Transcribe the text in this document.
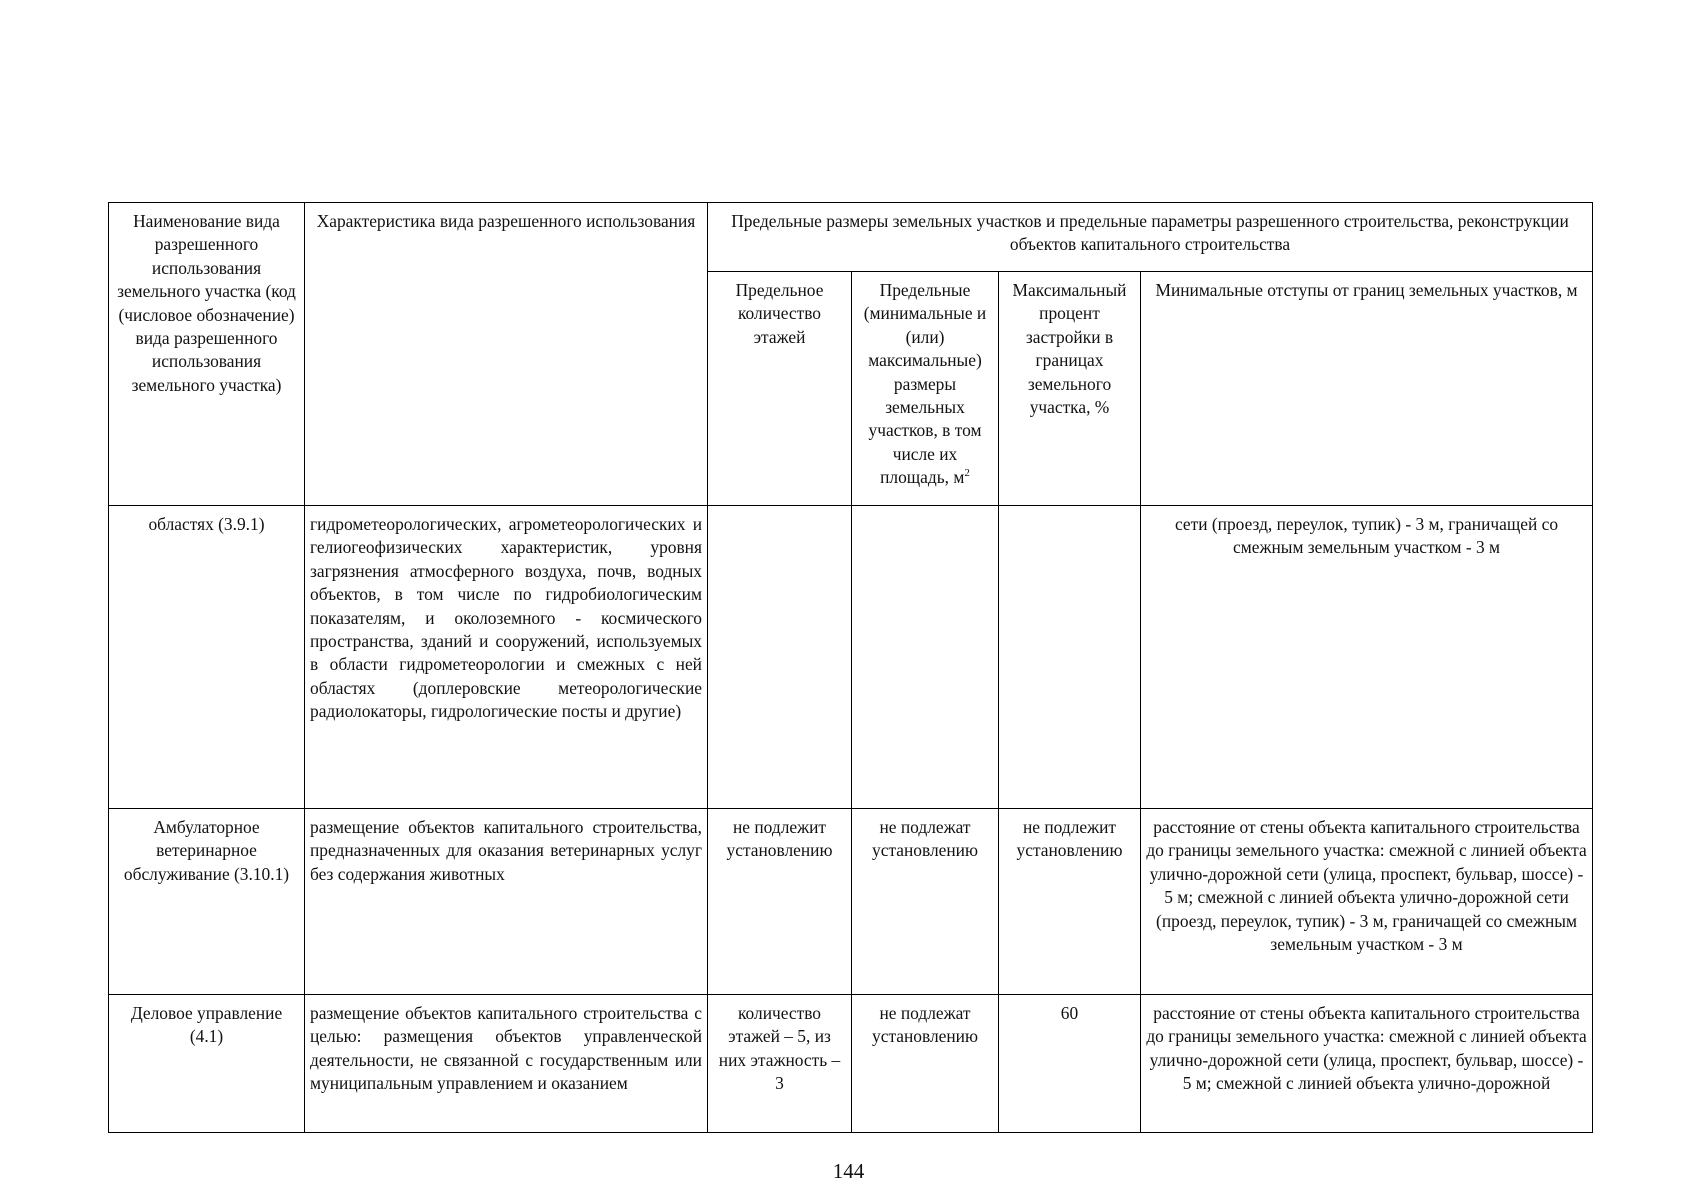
Наименование вида разрешенного использования земельного участка (код (числовое обозначение) вида разрешенного использования земельного участка)	Характеристика вида разрешенного использования	Предельные размеры земельных участков и предельные параметры разрешенного строительства, реконструкции объектов капитального строительства			
		Предельное количество этажей	Предельные (минимальные и (или) максимальные) размеры земельных участков, в том числе их площадь, $м^2$	Максимальный процент застройки в границах земельного участка, %	Минимальные отступы от границ земельных участков, м
областях (3.9.1)	гидрометеорологических, агрометеорологических и гелиогеофизических характеристик, уровня загрязнения атмосферного воздуха, почв, водных объектов, в том числе по гидробиологическим показателям, и околоземного - космического пространства, зданий и сооружений, используемых в области гидрометеорологии и смежных с ней областях (доплеровские метеорологические радиолокаторы, гидрологические посты и другие)				сети (проезд, переулок, тупик) - 3 м, граничащей со смежным земельным участком - 3 м
Амбулаторное ветеринарное обслуживание (3.10.1)	размещение объектов капитального строительства, предназначенных для оказания ветеринарных услуг без содержания животных	не подлежит установлению	не подлежат установлению	не подлежит установлению	расстояние от стены объекта капитального строительства до границы земельного участка: смежной с линией объекта улично-дорожной сети (улица, проспект, бульвар, шоссе) - 5 м; смежной с линией объекта улично-дорожной сети (проезд, переулок, тупик) - 3 м, граничащей со смежным земельным участком - 3 м
Деловое управление (4.1)	размещение объектов капитального строительства с целью: размещения объектов управленческой деятельности, не связанной с государственным или муниципальным управлением и оказанием	количество этажей – 5, из них этажность – 3	не подлежат установлению	60	расстояние от стены объекта капитального строительства до границы земельного участка: смежной с линией объекта улично-дорожной сети (улица, проспект, бульвар, шоссе) - 5 м; смежной с линией объекта улично-дорожной
144
